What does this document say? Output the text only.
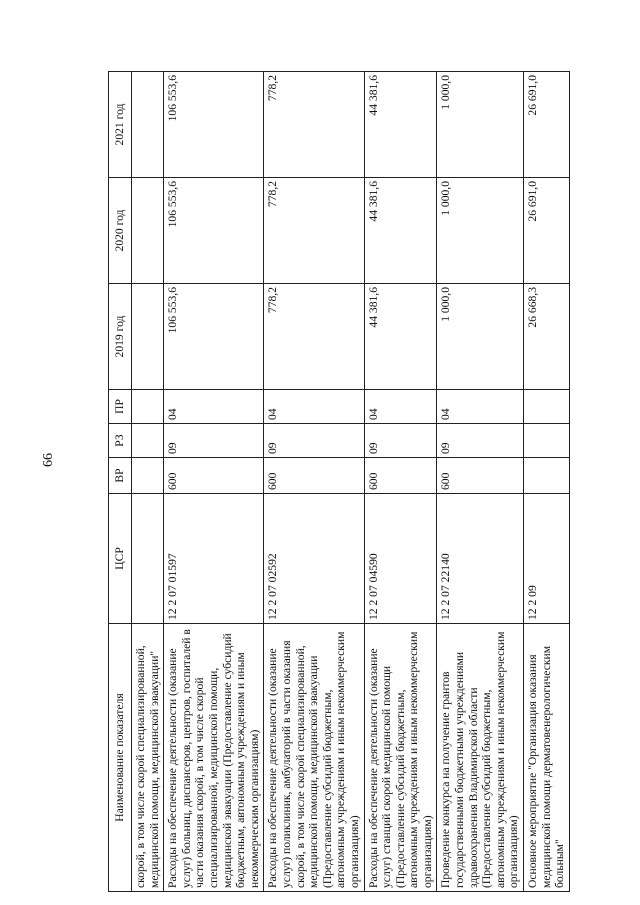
66
Наименование показателя	ЦСР	ВР	РЗ	ПР	2019 год	2020 год	2021 год
скорой, в том числе скорой специализированной, медицинской помощи, медицинской эвакуации"							
Расходы на обеспечение деятельности (оказание услуг) больниц, диспансеров, центров, госпиталей в части оказания скорой, в том числе скорой специализированной, медицинской помощи, медицинской эвакуации (Предоставление субсидий бюджетным, автономным учреждениям и иным некоммерческим организациям)	12 2 07 01597	600	09	04	106 553,6	106 553,6	106 553,6
Расходы на обеспечение деятельности (оказание услуг) поликлиник, амбулаторий в части оказания скорой, в том числе скорой специализированной, медицинской помощи, медицинской эвакуации (Предоставление субсидий бюджетным, автономным учреждениям и иным некоммерческим организациям)	12 2 07 02592	600	09	04	778,2	778,2	778,2
Расходы на обеспечение деятельности (оказание услуг) станций скорой медицинской помощи (Предоставление субсидий бюджетным, автономным учреждениям и иным некоммерческим организациям)	12 2 07 04590	600	09	04	44 381,6	44 381,6	44 381,6
Проведение конкурса на получение грантов государственными бюджетными учреждениями здравоохранения Владимирской области (Предоставление субсидий бюджетным, автономным учреждениям и иным некоммерческим организациям)	12 2 07 22140	600	09	04	1 000,0	1 000,0	1 000,0
Основное мероприятие "Организация оказания медицинской помощи дерматовенерологическим больным"	12 2 09				26 668,3	26 691,0	26 691,0
